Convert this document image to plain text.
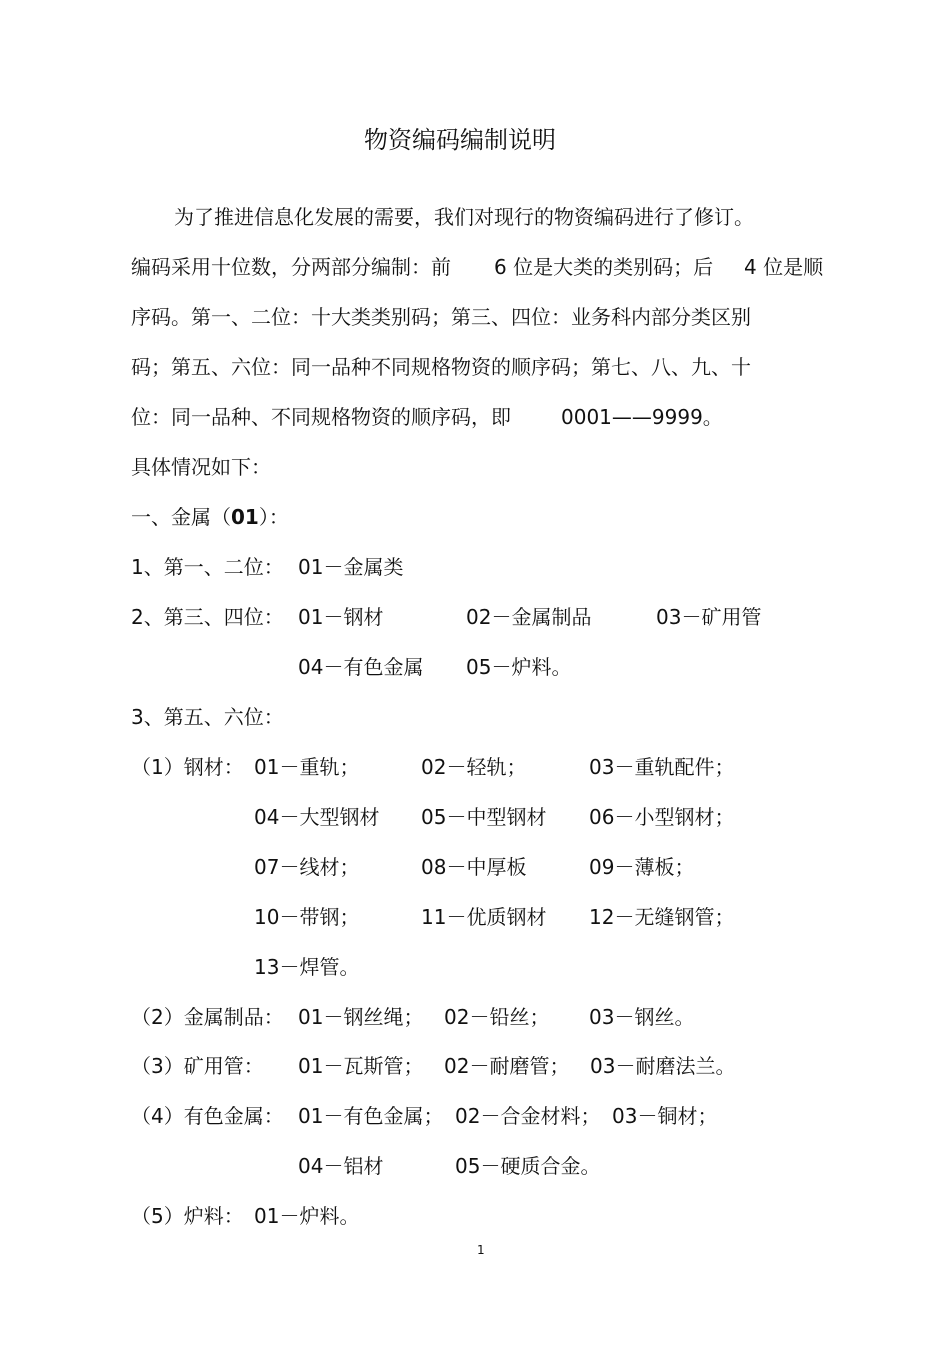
物资编码编制说明
为了推进信息化发展的需要，我们对现行的物资编码进行了修订。
编码采用十位数，分两部分编制：前 6 位是大类的类别码；后 4 位是顺
序码。第一、二位：十大类类别码；第三、四位：业务科内部分类区别
码；第五、六位：同一品种不同规格物资的顺序码；第七、八、九、十
位：同一品种、不同规格物资的顺序码，即	0001——9999。
具体情况如下：
一、金属（01）：
1、第一、二位： 01－金属类
2、第三、四位： 01－钢材	02－金属制品	03－矿用管
04－有色金属 05－炉料。
3、第五、六位：
（1）钢材： 01－重轨；	02－轻轨；	03－重轨配件；
04－大型钢材 05－中型钢材 06－小型钢材；
07－线材；	08－中厚板	09－薄板；
10－带钢；	11－优质钢材 12－无缝钢管；
13－焊管。
（2）金属制品： 01－钢丝绳； 02－铅丝； 03－钢丝。
（3）矿用管： 01－瓦斯管； 02－耐磨管； 03－耐磨法兰。
（4）有色金属： 01－有色金属； 02－合金材料； 03－铜材；
04－铝材	05－硬质合金。
（5）炉料： 01－炉料。
1
